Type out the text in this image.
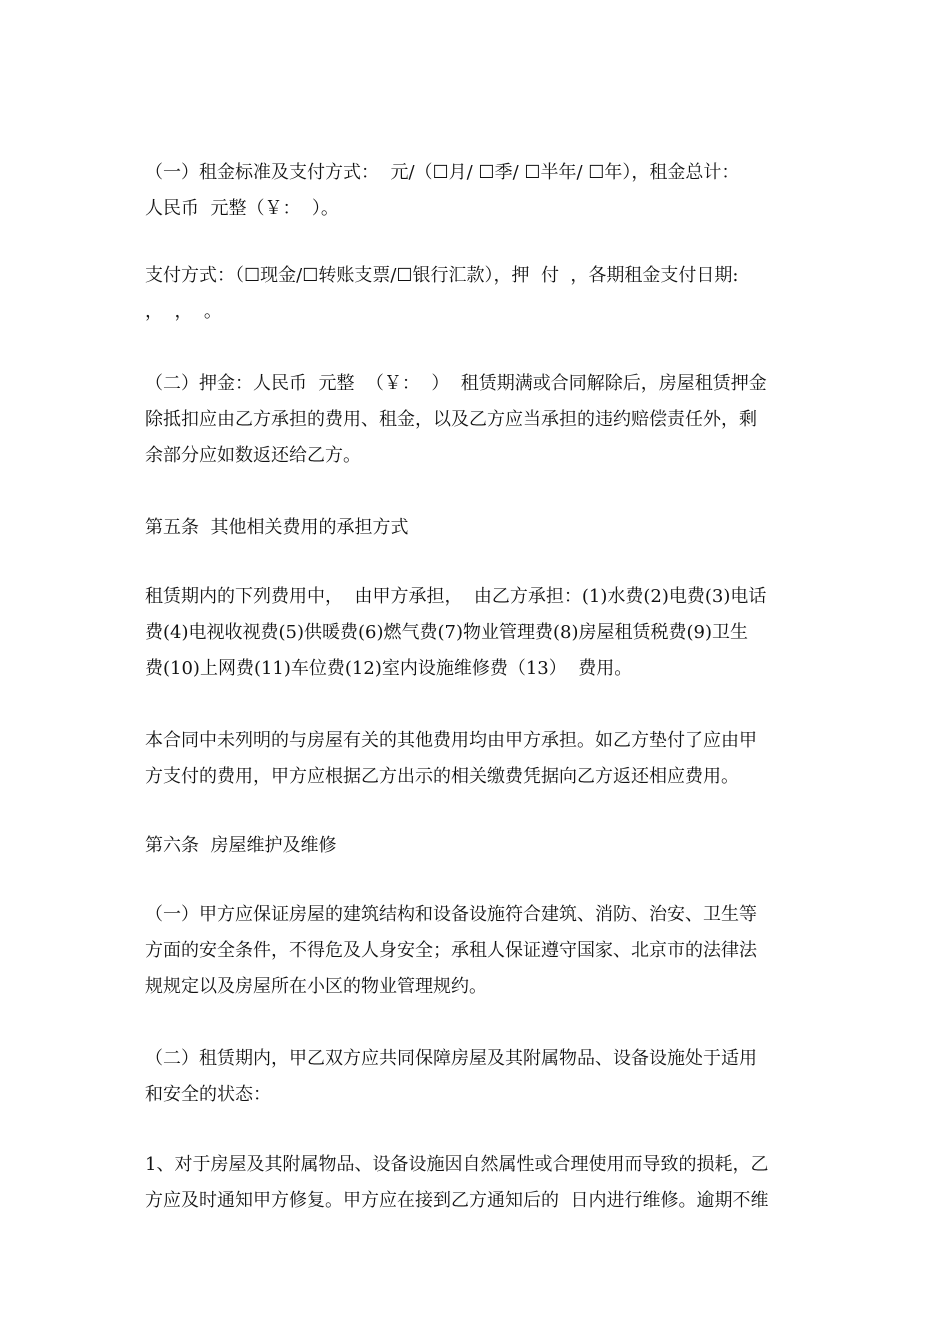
（一）租金标准及支付方式：  元/（☐月/ ☐季/ ☐半年/ ☐年），租金总计：
人民币  元整（￥：  ）。
支付方式：（☐现金/☐转账支票/☐银行汇款），押  付  ，各期租金支付日期:
，  ，  。
（二）押金：人民币  元整  （￥：  ）  租赁期满或合同解除后，房屋租赁押金
除抵扣应由乙方承担的费用、租金，以及乙方应当承担的违约赔偿责任外，剩
余部分应如数返还给乙方。
第五条  其他相关费用的承担方式
租赁期内的下列费用中，  由甲方承担，  由乙方承担：(1)水费(2)电费(3)电话
费(4)电视收视费(5)供暖费(6)燃气费(7)物业管理费(8)房屋租赁税费(9)卫生
费(10)上网费(11)车位费(12)室内设施维修费（13）  费用。
本合同中未列明的与房屋有关的其他费用均由甲方承担。如乙方垫付了应由甲
方支付的费用，甲方应根据乙方出示的相关缴费凭据向乙方返还相应费用。
第六条  房屋维护及维修
（一）甲方应保证房屋的建筑结构和设备设施符合建筑、消防、治安、卫生等
方面的安全条件，不得危及人身安全；承租人保证遵守国家、北京市的法律法
规规定以及房屋所在小区的物业管理规约。
（二）租赁期内，甲乙双方应共同保障房屋及其附属物品、设备设施处于适用
和安全的状态：
1、对于房屋及其附属物品、设备设施因自然属性或合理使用而导致的损耗，乙
方应及时通知甲方修复。甲方应在接到乙方通知后的  日内进行维修。逾期不维
